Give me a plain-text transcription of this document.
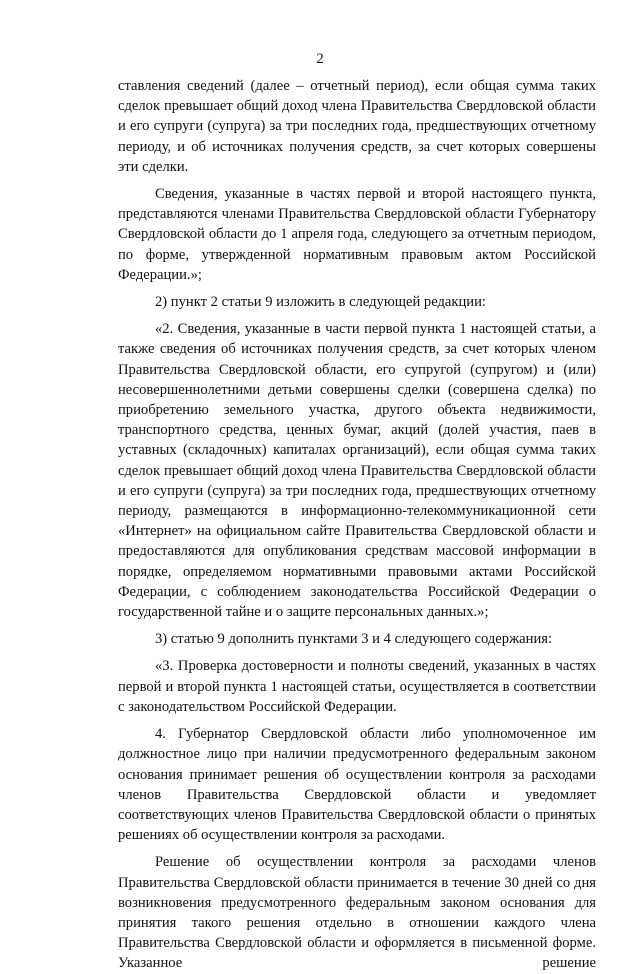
2

ставления сведений (далее – отчетный период), если общая сумма таких сделок превышает общий доход члена Правительства Свердловской области и его супруги (супруга) за три последних года, предшествующих отчетному периоду, и об источниках получения средств, за счет которых совершены эти сделки.

Сведения, указанные в частях первой и второй настоящего пункта, представляются членами Правительства Свердловской области Губернатору Свердловской области до 1 апреля года, следующего за отчетным периодом, по форме, утвержденной нормативным правовым актом Российской Федерации.»;

2) пункт 2 статьи 9 изложить в следующей редакции:

«2. Сведения, указанные в части первой пункта 1 настоящей статьи, а также сведения об источниках получения средств, за счет которых членом Правительства Свердловской области, его супругой (супругом) и (или) несовершеннолетними детьми совершены сделки (совершена сделка) по приобретению земельного участка, другого объекта недвижимости, транспортного средства, ценных бумаг, акций (долей участия, паев в уставных (складочных) капиталах организаций), если общая сумма таких сделок превышает общий доход члена Правительства Свердловской области и его супруги (супруга) за три последних года, предшествующих отчетному периоду, размещаются в информационно-телекоммуникационной сети «Интернет» на официальном сайте Правительства Свердловской области и предоставляются для опубликования средствам массовой информации в порядке, определяемом нормативными правовыми актами Российской Федерации, с соблюдением законодательства Российской Федерации о государственной тайне и о защите персональных данных.»;

3) статью 9 дополнить пунктами 3 и 4 следующего содержания:

«3. Проверка достоверности и полноты сведений, указанных в частях первой и второй пункта 1 настоящей статьи, осуществляется в соответствии с законодательством Российской Федерации.

4. Губернатор Свердловской области либо уполномоченное им должностное лицо при наличии предусмотренного федеральным законом основания принимает решения об осуществлении контроля за расходами членов Правительства Свердловской области и уведомляет соответствующих членов Правительства Свердловской области о принятых решениях об осуществлении контроля за расходами.

Решение об осуществлении контроля за расходами членов Правительства Свердловской области принимается в течение 30 дней со дня возникновения предусмотренного федеральным законом основания для принятия такого решения отдельно в отношении каждого члена Правительства Свердловской области и оформляется в письменной форме. Указанное решение
